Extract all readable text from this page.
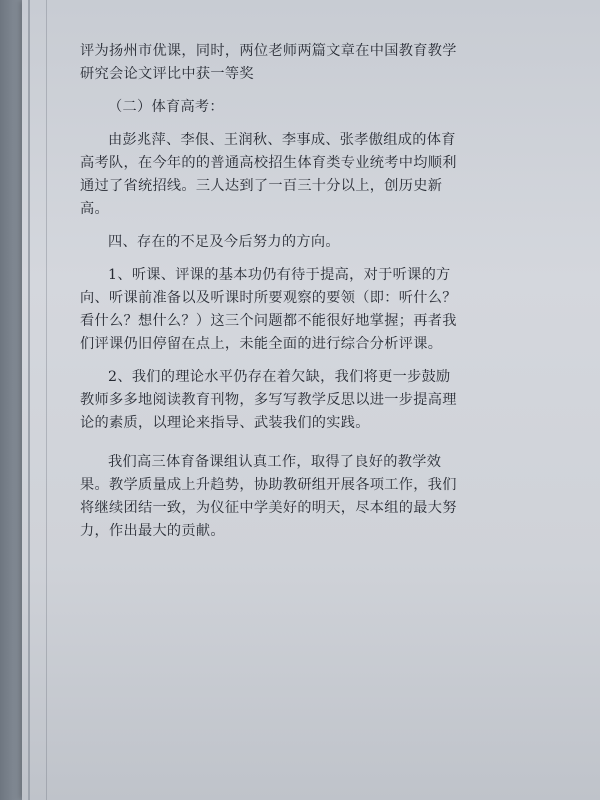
评为扬州市优课，同时，两位老师两篇文章在中国教育教学研究会论文评比中获一等奖

（二）体育高考：

由彭兆萍、李佷、王润秋、李事成、张孝傲组成的体育高考队，在今年的的普通高校招生体育类专业统考中均顺利通过了省统招线。三人达到了一百三十分以上，创历史新高。

四、存在的不足及今后努力的方向。

1、听课、评课的基本功仍有待于提高，对于听课的方向、听课前准备以及听课时所要观察的要领（即：听什么？看什么？想什么？）这三个问题都不能很好地掌握；再者我们评课仍旧停留在点上，未能全面的进行综合分析评课。

2、我们的理论水平仍存在着欠缺，我们将更一步鼓励教师多多地阅读教育刊物，多写写教学反思以进一步提高理论的素质，以理论来指导、武装我们的实践。

我们高三体育备课组认真工作，取得了良好的教学效果。教学质量成上升趋势，协助教研组开展各项工作，我们将继续团结一致，为仪征中学美好的明天，尽本组的最大努力，作出最大的贡献。
